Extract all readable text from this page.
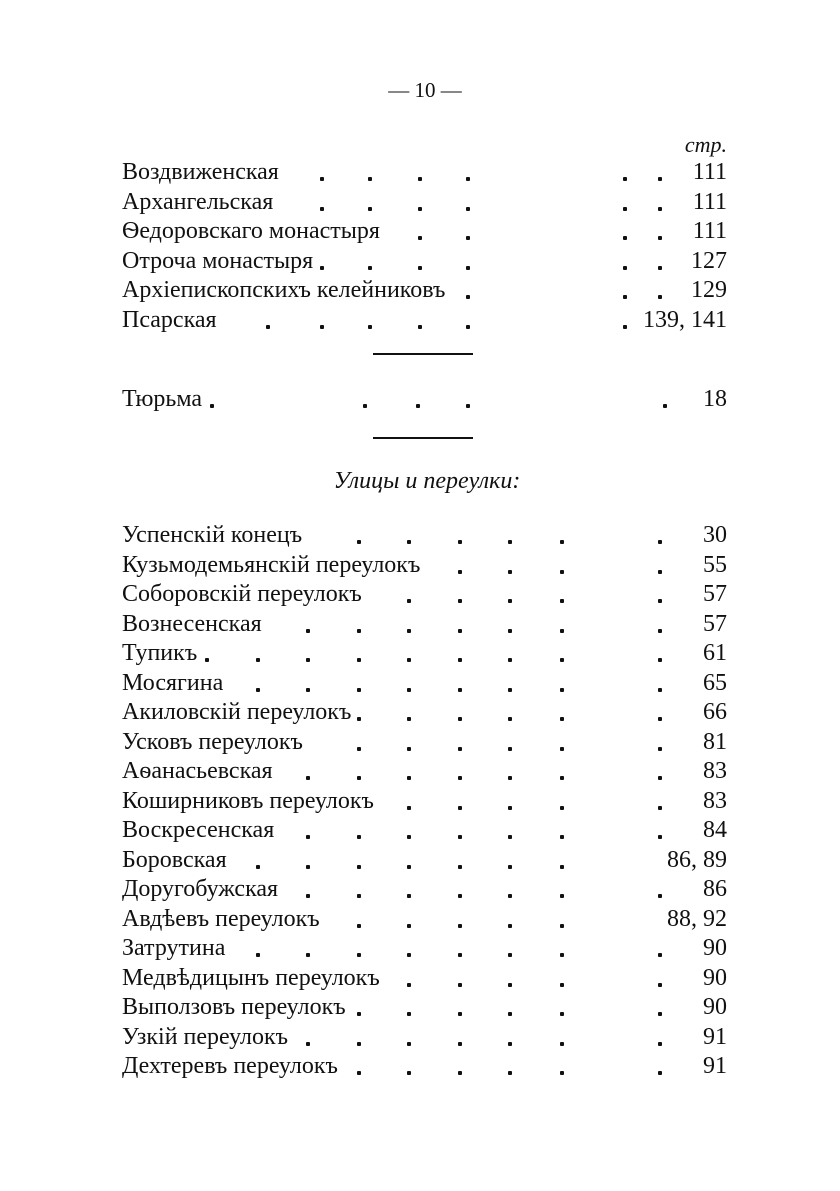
— 10 —
стр.
Воздвиженская	111
Архангельская	111
Ѳедоровскаго монастыря	111
Отроча монастыря	127
Архіепископскихъ келейниковъ	129
Псарская	139, 141
Тюрьма	18
Улицы и переулки:
Успенскій конецъ	30
Кузьмодемьянскій переулокъ	55
Соборовскій переулокъ	57
Вознесенская	57
Тупикъ	61
Мосягина	65
Акиловскій переулокъ	66
Усковъ переулокъ	81
Аѳанасьевская	83
Коширниковъ переулокъ	83
Воскресенская	84
Боровская	86, 89
Доругобужская	86
Авдѣевъ переулокъ	88, 92
Затрутина	90
Медвѣдицынъ переулокъ	90
Выползовъ переулокъ	90
Узкій переулокъ	91
Дехтеревъ переулокъ	91
